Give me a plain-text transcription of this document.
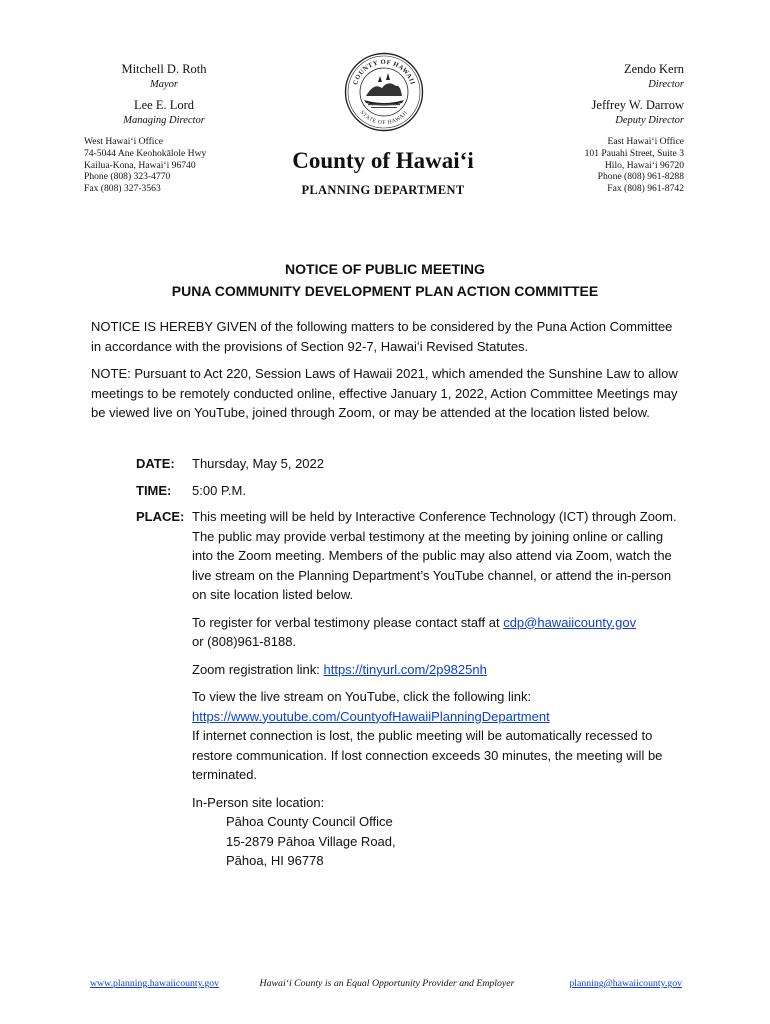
Mitchell D. Roth
Mayor
Lee E. Lord
Managing Director
West Hawaiʻi Office
74-5044 Ane Keohokālole Hwy
Kailua-Kona, Hawaiʻi 96740
Phone (808) 323-4770
Fax (808) 327-3563
COUNTY OF HAWAII
STATE OF HAWAII
County of Hawaiʻi
PLANNING DEPARTMENT
Zendo Kern
Director
Jeffrey W. Darrow
Deputy Director
East Hawaiʻi Office
101 Pauahi Street, Suite 3
Hilo, Hawaiʻi 96720
Phone (808) 961-8288
Fax (808) 961-8742
NOTICE OF PUBLIC MEETING
PUNA COMMUNITY DEVELOPMENT PLAN ACTION COMMITTEE

NOTICE IS HEREBY GIVEN of the following matters to be considered by the Puna Action Committee in accordance with the provisions of Section 92-7, Hawaiʻi Revised Statutes.

NOTE: Pursuant to Act 220, Session Laws of Hawaii 2021, which amended the Sunshine Law to allow meetings to be remotely conducted online, effective January 1, 2022, Action Committee Meetings may be viewed live on YouTube, joined through Zoom, or may be attended at the location listed below.

DATE: Thursday, May 5, 2022
TIME: 5:00 P.M.
PLACE: This meeting will be held by Interactive Conference Technology (ICT) through Zoom. The public may provide verbal testimony at the meeting by joining online or calling into the Zoom meeting. Members of the public may also attend via Zoom, watch the live stream on the Planning Department’s YouTube channel, or attend the in-person on site location listed below.

To register for verbal testimony please contact staff at cdp@hawaiicounty.gov
or (808)961-8188.

Zoom registration link: https://tinyurl.com/2p9825nh

To view the live stream on YouTube, click the following link:
https://www.youtube.com/CountyofHawaiiPlanningDepartment
If internet connection is lost, the public meeting will be automatically recessed to restore communication. If lost connection exceeds 30 minutes, the meeting will be terminated.

In-Person site location:
Pāhoa County Council Office
15-2879 Pāhoa Village Road,
Pāhoa, HI 96778

www.planning.hawaiicounty.gov	Hawaiʻi County is an Equal Opportunity Provider and Employer	planning@hawaiicounty.gov
